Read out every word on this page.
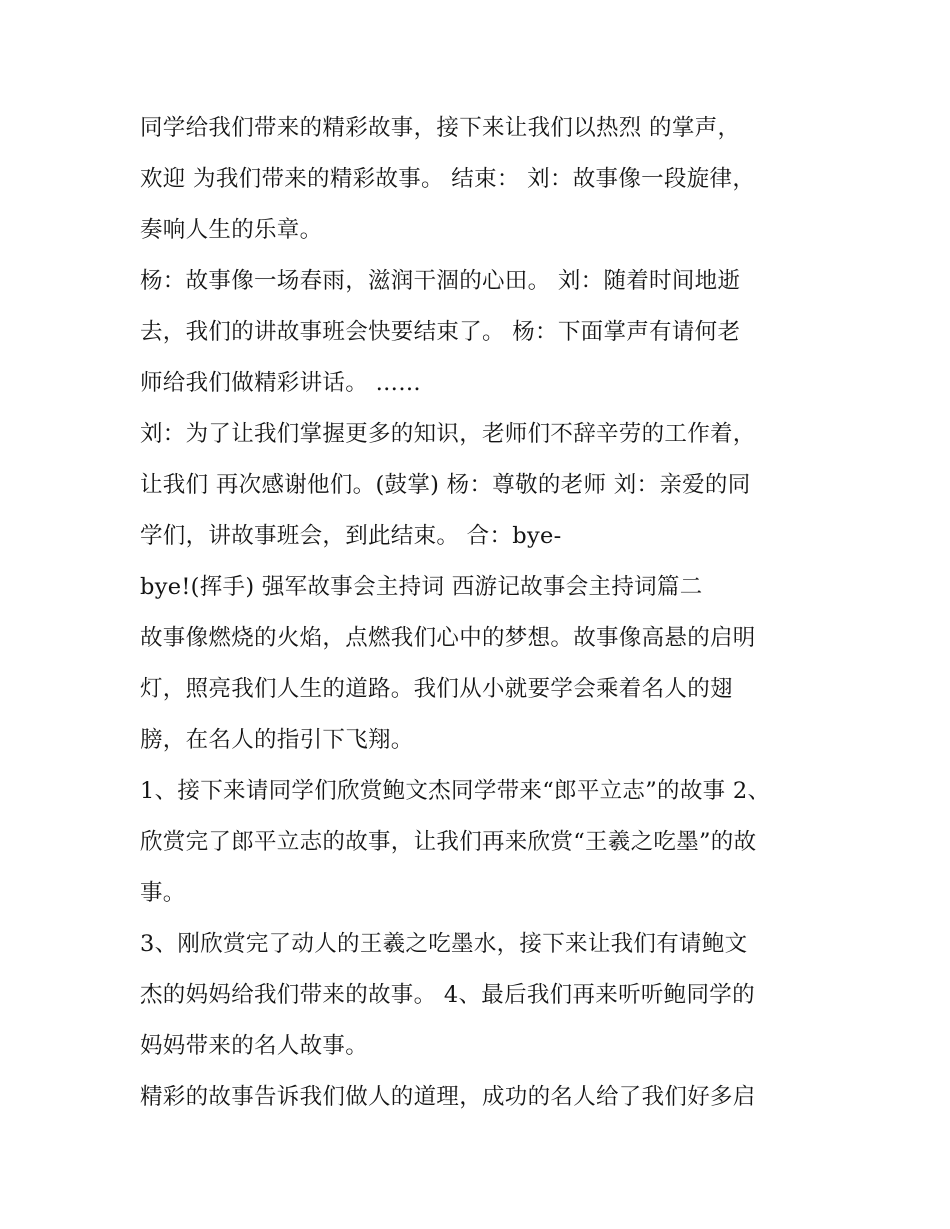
同学给我们带来的精彩故事，接下来让我们以热烈 的掌声，
欢迎 为我们带来的精彩故事。 结束： 刘：故事像一段旋律，
奏响人生的乐章。
杨：故事像一场春雨，滋润干涸的心田。 刘：随着时间地逝
去，我们的讲故事班会快要结束了。 杨：下面掌声有请何老
师给我们做精彩讲话。 ……
刘：为了让我们掌握更多的知识，老师们不辞辛劳的工作着，
让我们 再次感谢他们。(鼓掌) 杨：尊敬的老师 刘：亲爱的同
学们，讲故事班会，到此结束。 合：bye-
bye!(挥手) 强军故事会主持词 西游记故事会主持词篇二
故事像燃烧的火焰，点燃我们心中的梦想。故事像高悬的启明
灯，照亮我们人生的道路。我们从小就要学会乘着名人的翅
膀，在名人的指引下飞翔。
1、接下来请同学们欣赏鲍文杰同学带来“郎平立志”的故事 2、
欣赏完了郎平立志的故事，让我们再来欣赏“王羲之吃墨”的故
事。
3、刚欣赏完了动人的王羲之吃墨水，接下来让我们有请鲍文
杰的妈妈给我们带来的故事。 4、最后我们再来听听鲍同学的
妈妈带来的名人故事。
精彩的故事告诉我们做人的道理，成功的名人给了我们好多启
